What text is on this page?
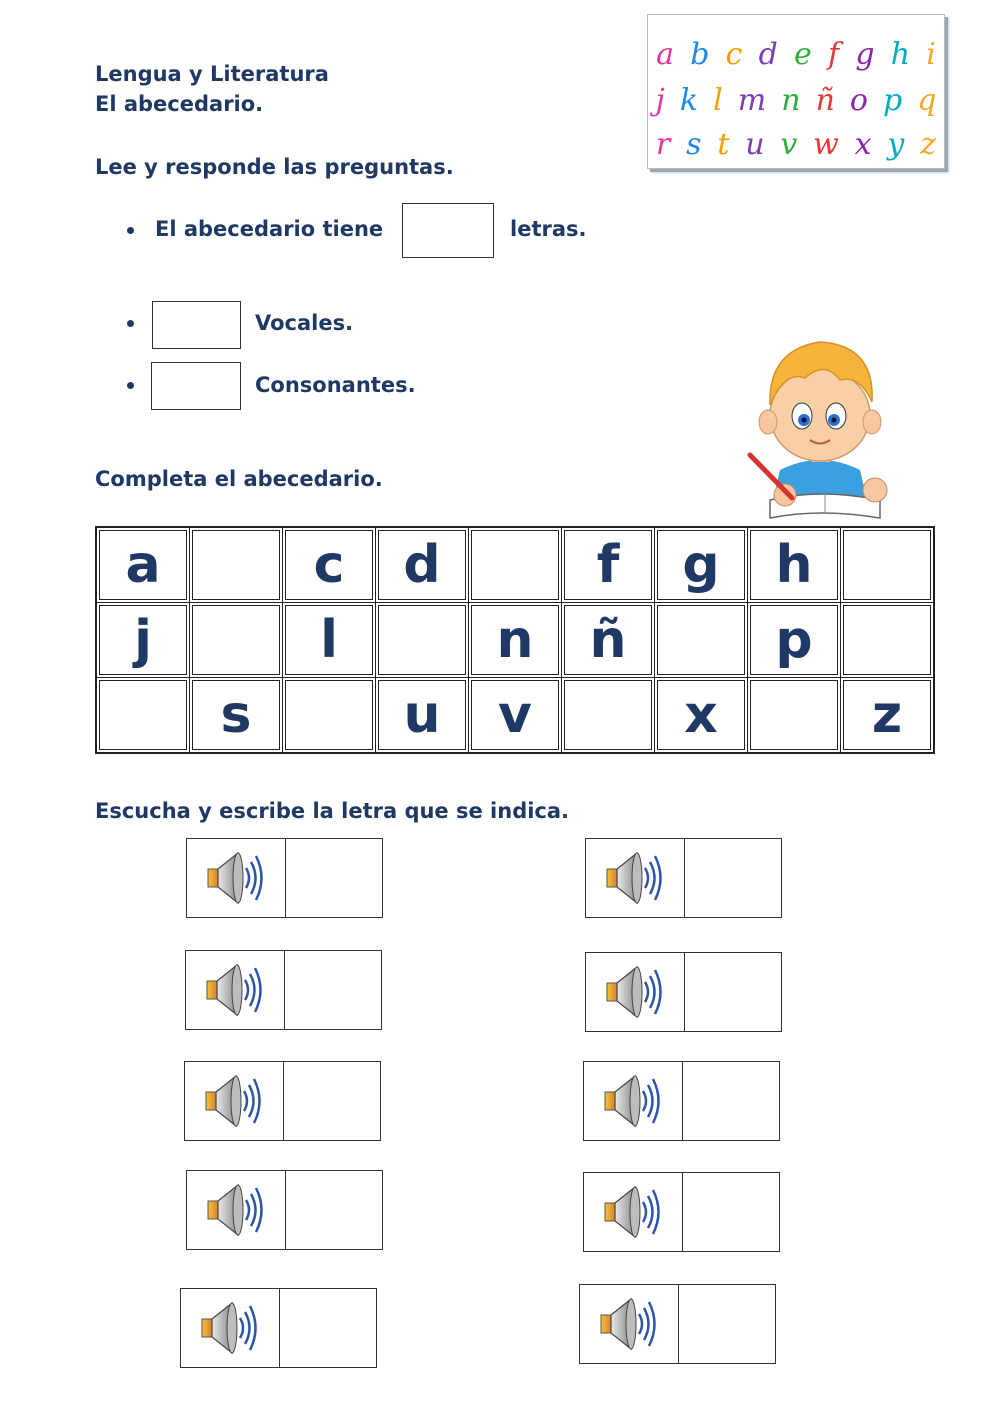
Lengua y Literatura
El abecedario.
a b c d e f g h i
j k l m n ñ o p q
r s t u v w x y z
Lee y responde las preguntas.
El abecedario tiene	letras.
Vocales.
Consonantes.
Completa el abecedario.
a		c	d		f	g	h	
j		l		n	ñ		p	
	s		u	v		x		z
Escucha y escribe la letra que se indica.
